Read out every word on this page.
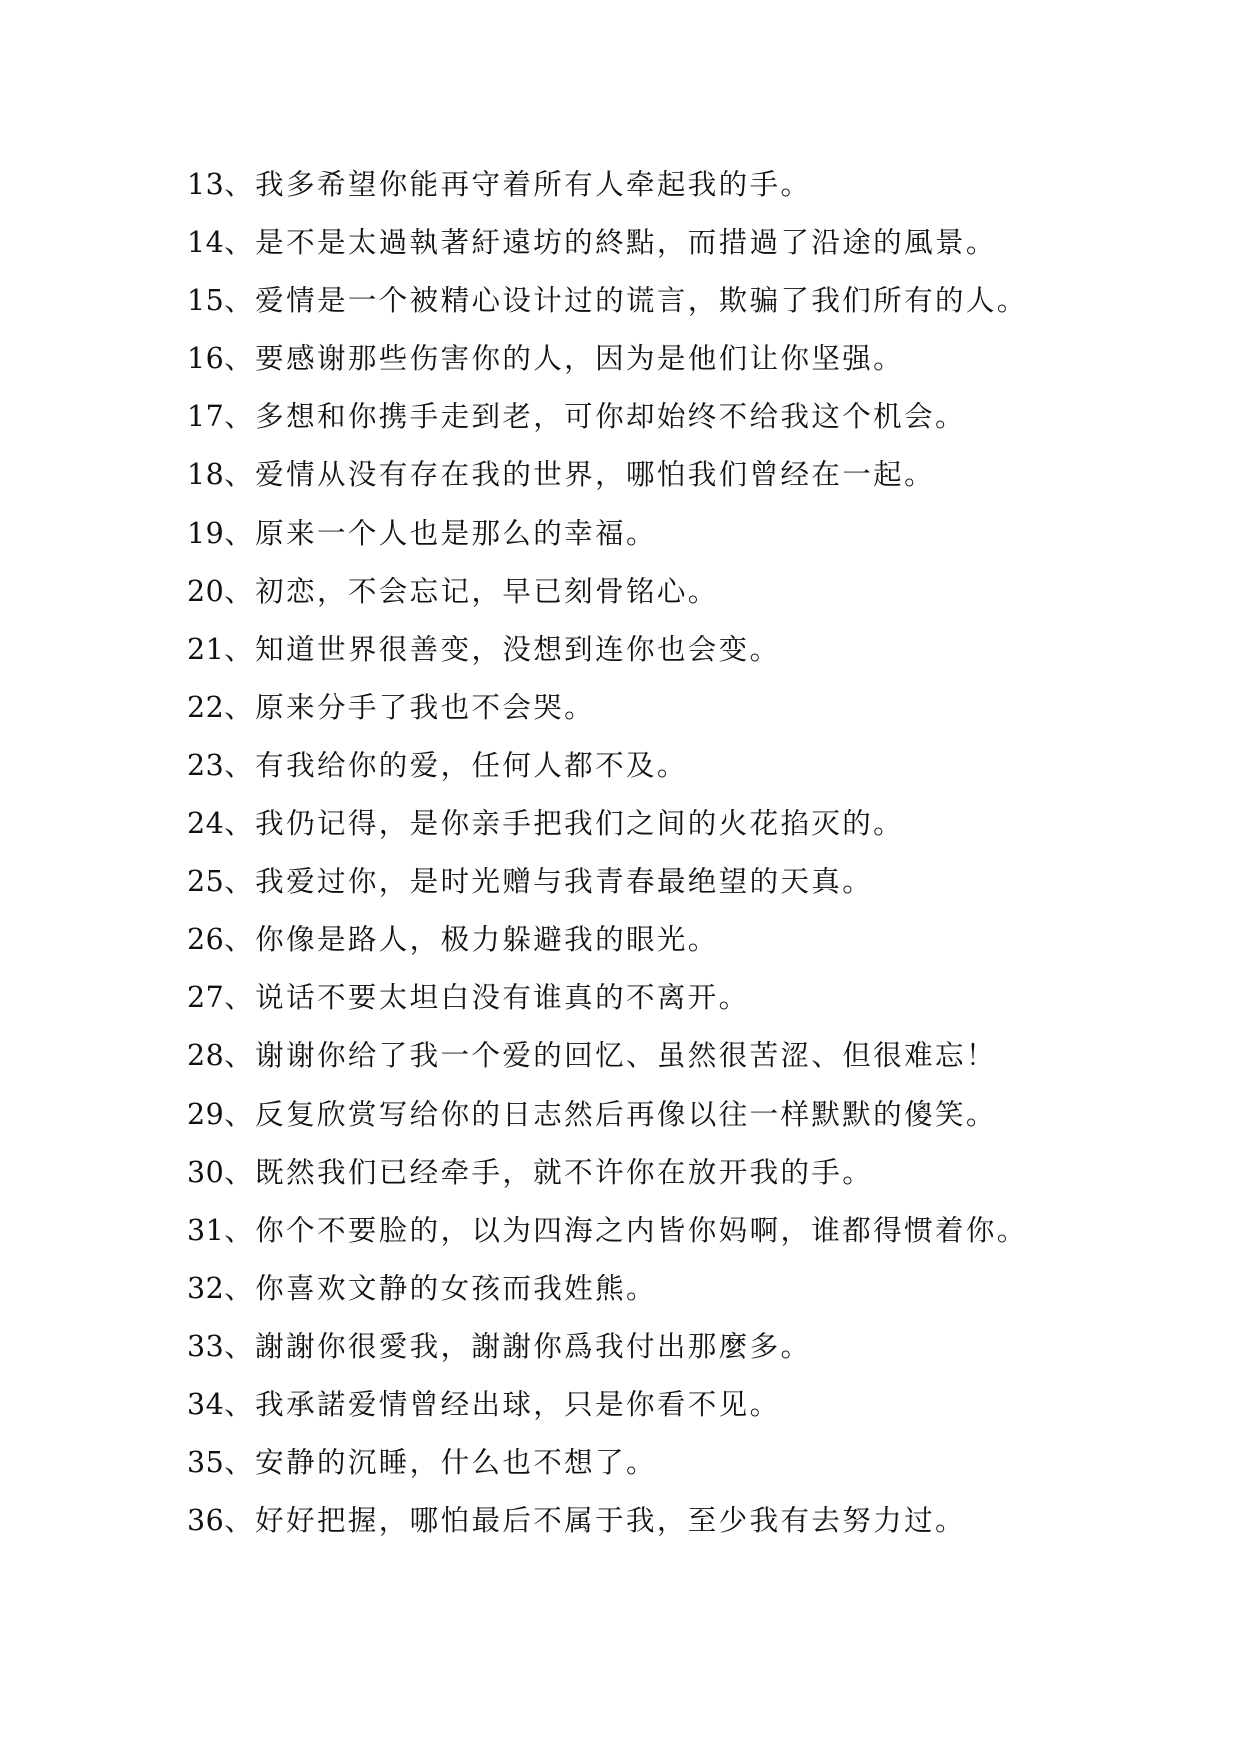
13、我多希望你能再守着所有人牵起我的手。
14、是不是太過執著紆遠坊的終點，而措過了沿途的風景。
15、爱情是一个被精心设计过的谎言，欺骗了我们所有的人。
16、要感谢那些伤害你的人，因为是他们让你坚强。
17、多想和你携手走到老，可你却始终不给我这个机会。
18、爱情从没有存在我的世界，哪怕我们曾经在一起。
19、原来一个人也是那么的幸福。
20、初恋，不会忘记，早已刻骨铭心。
21、知道世界很善变，没想到连你也会变。
22、原来分手了我也不会哭。
23、有我给你的爱，任何人都不及。
24、我仍记得，是你亲手把我们之间的火花掐灭的。
25、我爱过你，是时光赠与我青春最绝望的天真。
26、你像是路人，极力躲避我的眼光。
27、说话不要太坦白没有谁真的不离开。
28、谢谢你给了我一个爱的回忆、虽然很苦涩、但很难忘！
29、反复欣赏写给你的日志然后再像以往一样默默的傻笑。
30、既然我们已经牵手，就不许你在放开我的手。
31、你个不要脸的，以为四海之内皆你妈啊，谁都得惯着你。
32、你喜欢文静的女孩而我姓熊。
33、謝謝你很愛我，謝謝你爲我付出那麼多。
34、我承諾爱情曾经出球，只是你看不见。
35、安静的沉睡，什么也不想了。
36、好好把握，哪怕最后不属于我，至少我有去努力过。
